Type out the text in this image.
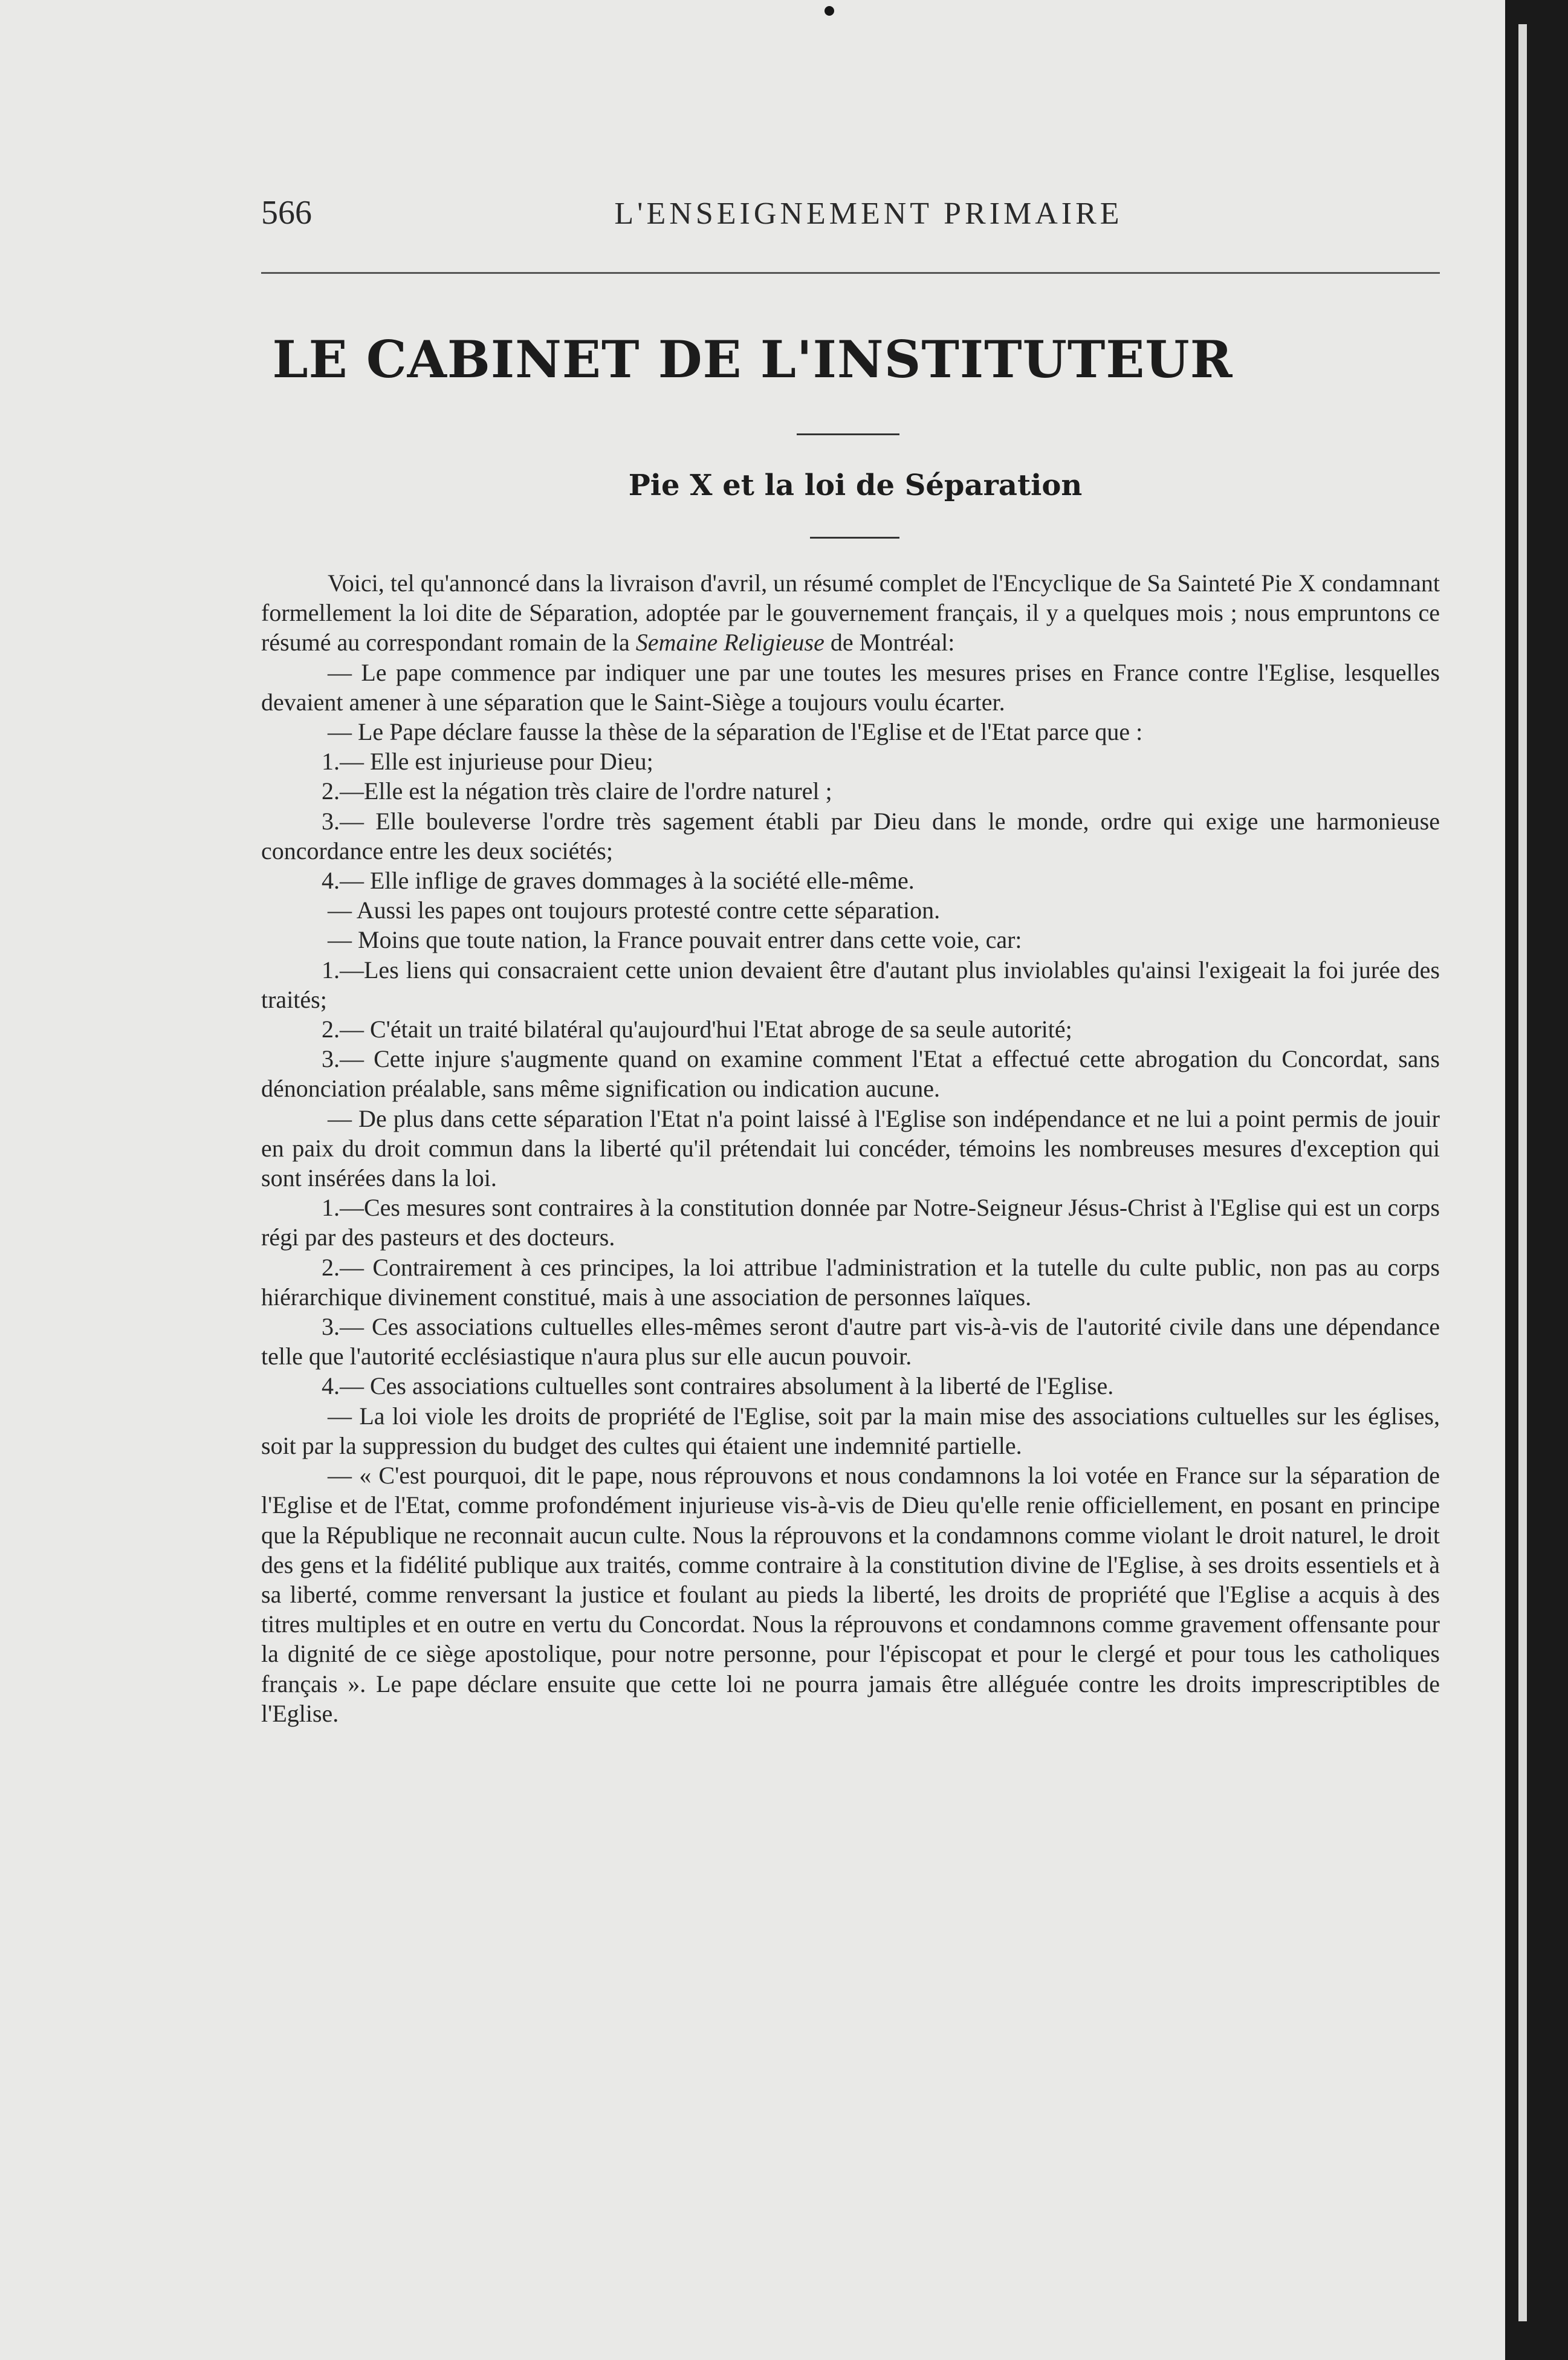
566	L'ENSEIGNEMENT PRIMAIRE
LE CABINET DE L'INSTITUTEUR
Pie X et la loi de Séparation

Voici, tel qu'annoncé dans la livraison d'avril, un résumé complet de l'Encyclique de Sa Sainteté Pie X condamnant formellement la loi dite de Séparation, adoptée par le gouvernement français, il y a quelques mois ; nous empruntons ce résumé au correspondant romain de la Semaine Religieuse de Montréal:

— Le pape commence par indiquer une par une toutes les mesures prises en France contre l'Eglise, lesquelles devaient amener à une séparation que le Saint-Siège a toujours voulu écarter.

— Le Pape déclare fausse la thèse de la séparation de l'Eglise et de l'Etat parce que :

1.— Elle est injurieuse pour Dieu;

2.—Elle est la négation très claire de l'ordre naturel ;

3.— Elle bouleverse l'ordre très sagement établi par Dieu dans le monde, ordre qui exige une harmonieuse concordance entre les deux sociétés;

4.— Elle inflige de graves dommages à la société elle-même.

— Aussi les papes ont toujours protesté contre cette séparation.

— Moins que toute nation, la France pouvait entrer dans cette voie, car:

1.—Les liens qui consacraient cette union devaient être d'autant plus inviolables qu'ainsi l'exigeait la foi jurée des traités;

2.— C'était un traité bilatéral qu'aujourd'hui l'Etat abroge de sa seule autorité;

3.— Cette injure s'augmente quand on examine comment l'Etat a effectué cette abrogation du Concordat, sans dénonciation préalable, sans même signification ou indication aucune.

— De plus dans cette séparation l'Etat n'a point laissé à l'Eglise son indépendance et ne lui a point permis de jouir en paix du droit commun dans la liberté qu'il prétendait lui concéder, témoins les nombreuses mesures d'exception qui sont insérées dans la loi.

1.—Ces mesures sont contraires à la constitution donnée par Notre-Seigneur Jésus-Christ à l'Eglise qui est un corps régi par des pasteurs et des docteurs.

2.— Contrairement à ces principes, la loi attribue l'administration et la tutelle du culte public, non pas au corps hiérarchique divinement constitué, mais à une association de personnes laïques.

3.— Ces associations cultuelles elles-mêmes seront d'autre part vis-à-vis de l'autorité civile dans une dépendance telle que l'autorité ecclésiastique n'aura plus sur elle aucun pouvoir.

4.— Ces associations cultuelles sont contraires absolument à la liberté de l'Eglise.

— La loi viole les droits de propriété de l'Eglise, soit par la main mise des associations cultuelles sur les églises, soit par la suppression du budget des cultes qui étaient une indemnité partielle.

— « C'est pourquoi, dit le pape, nous réprouvons et nous condamnons la loi votée en France sur la séparation de l'Eglise et de l'Etat, comme profondément injurieuse vis-à-vis de Dieu qu'elle renie officiellement, en posant en principe que la République ne reconnait aucun culte. Nous la réprouvons et la condamnons comme violant le droit naturel, le droit des gens et la fidélité publique aux traités, comme contraire à la constitution divine de l'Eglise, à ses droits essentiels et à sa liberté, comme renversant la justice et foulant au pieds la liberté, les droits de propriété que l'Eglise a acquis à des titres multiples et en outre en vertu du Concordat. Nous la réprouvons et condamnons comme gravement offensante pour la dignité de ce siège apostolique, pour notre personne, pour l'épiscopat et pour le clergé et pour tous les catholiques français ». Le pape déclare ensuite que cette loi ne pourra jamais être alléguée contre les droits imprescriptibles de l'Eglise.
